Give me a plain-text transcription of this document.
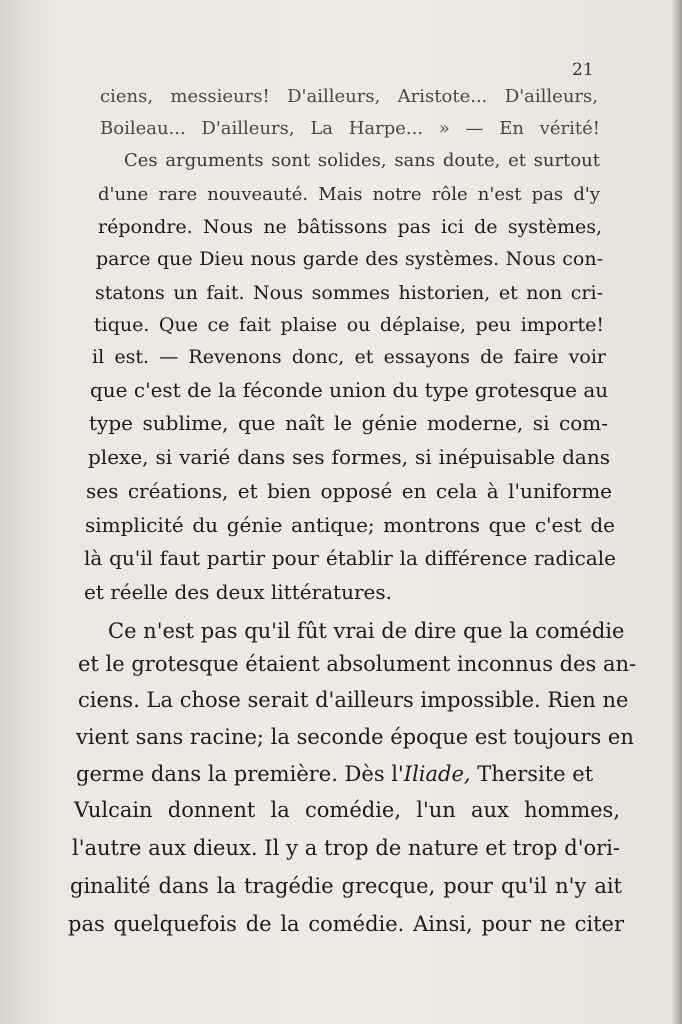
21
ciens, messieurs! D'ailleurs, Aristote... D'ailleurs,
Boileau... D'ailleurs, La Harpe... » — En vérité!
Ces arguments sont solides, sans doute, et surtout
d'une rare nouveauté. Mais notre rôle n'est pas d'y
répondre. Nous ne bâtissons pas ici de systèmes,
parce que Dieu nous garde des systèmes. Nous con-
statons un fait. Nous sommes historien, et non cri-
tique. Que ce fait plaise ou déplaise, peu importe!
il est. — Revenons donc, et essayons de faire voir
que c'est de la féconde union du type grotesque au
type sublime, que naît le génie moderne, si com-
plexe, si varié dans ses formes, si inépuisable dans
ses créations, et bien opposé en cela à l'uniforme
simplicité du génie antique; montrons que c'est de
là qu'il faut partir pour établir la différence radicale
et réelle des deux littératures.
Ce n'est pas qu'il fût vrai de dire que la comédie
et le grotesque étaient absolument inconnus des an-
ciens. La chose serait d'ailleurs impossible. Rien ne
vient sans racine; la seconde époque est toujours en
germe dans la première. Dès l'Iliade, Thersite et
Vulcain donnent la comédie, l'un aux hommes,
l'autre aux dieux. Il y a trop de nature et trop d'ori-
ginalité dans la tragédie grecque, pour qu'il n'y ait
pas quelquefois de la comédie. Ainsi, pour ne citer
